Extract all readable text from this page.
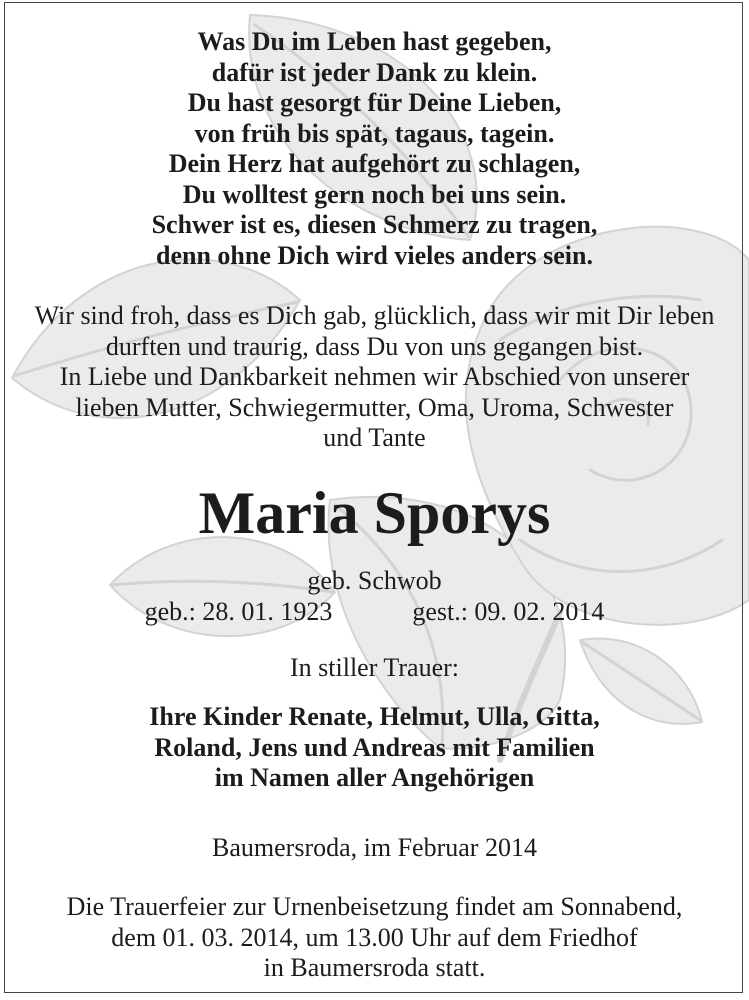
Was Du im Leben hast gegeben,
dafür ist jeder Dank zu klein.
Du hast gesorgt für Deine Lieben,
von früh bis spät, tagaus, tagein.
Dein Herz hat aufgehört zu schlagen,
Du wolltest gern noch bei uns sein.
Schwer ist es, diesen Schmerz zu tragen,
denn ohne Dich wird vieles anders sein.
Wir sind froh, dass es Dich gab, glücklich, dass wir mit Dir leben
durften und traurig, dass Du von uns gegangen bist.
In Liebe und Dankbarkeit nehmen wir Abschied von unserer
lieben Mutter, Schwiegermutter, Oma, Uroma, Schwester
und Tante
Maria Sporys
geb. Schwob
geb.: 28. 01. 1923	gest.: 09. 02. 2014
In stiller Trauer:
Ihre Kinder Renate, Helmut, Ulla, Gitta,
Roland, Jens und Andreas mit Familien
im Namen aller Angehörigen
Baumersroda, im Februar 2014
Die Trauerfeier zur Urnenbeisetzung findet am Sonnabend,
dem 01. 03. 2014, um 13.00 Uhr auf dem Friedhof
in Baumersroda statt.
